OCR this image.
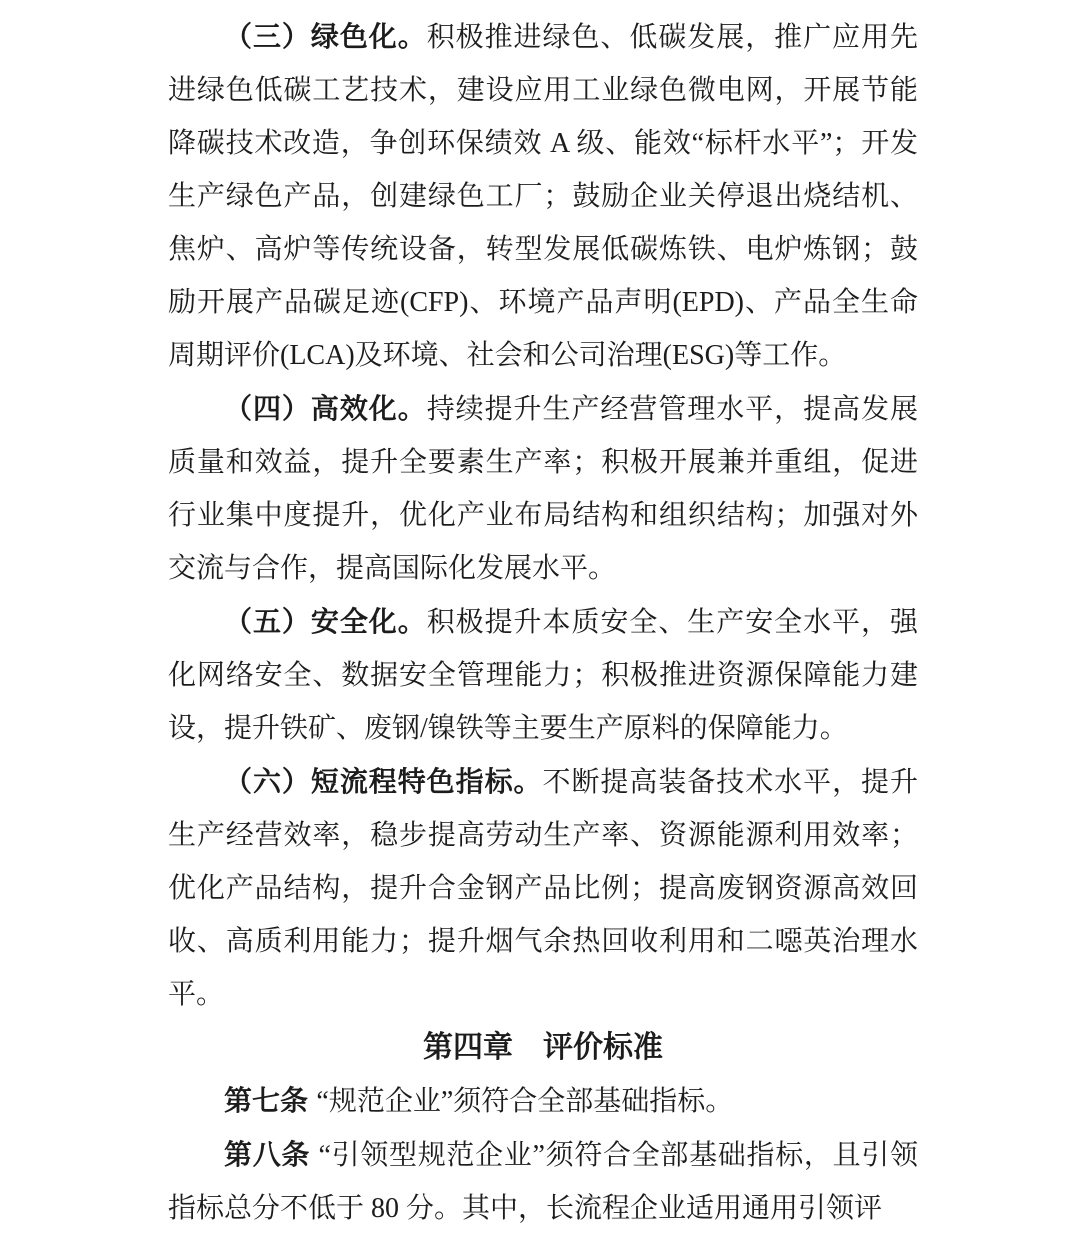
（三）绿色化。积极推进绿色、低碳发展，推广应用先进绿色低碳工艺技术，建设应用工业绿色微电网，开展节能降碳技术改造，争创环保绩效 A 级、能效“标杆水平”；开发生产绿色产品，创建绿色工厂；鼓励企业关停退出烧结机、焦炉、高炉等传统设备，转型发展低碳炼铁、电炉炼钢；鼓励开展产品碳足迹(CFP)、环境产品声明(EPD)、产品全生命周期评价(LCA)及环境、社会和公司治理(ESG)等工作。

（四）高效化。持续提升生产经营管理水平，提高发展质量和效益，提升全要素生产率；积极开展兼并重组，促进行业集中度提升，优化产业布局结构和组织结构；加强对外交流与合作，提高国际化发展水平。

（五）安全化。积极提升本质安全、生产安全水平，强化网络安全、数据安全管理能力；积极推进资源保障能力建设，提升铁矿、废钢/镍铁等主要生产原料的保障能力。

（六）短流程特色指标。不断提高装备技术水平，提升生产经营效率，稳步提高劳动生产率、资源能源利用效率；优化产品结构，提升合金钢产品比例；提高废钢资源高效回收、高质利用能力；提升烟气余热回收利用和二噁英治理水平。

第四章　评价标准

第七条 “规范企业”须符合全部基础指标。

第八条 “引领型规范企业”须符合全部基础指标，且引领指标总分不低于 80 分。其中，长流程企业适用通用引领评
